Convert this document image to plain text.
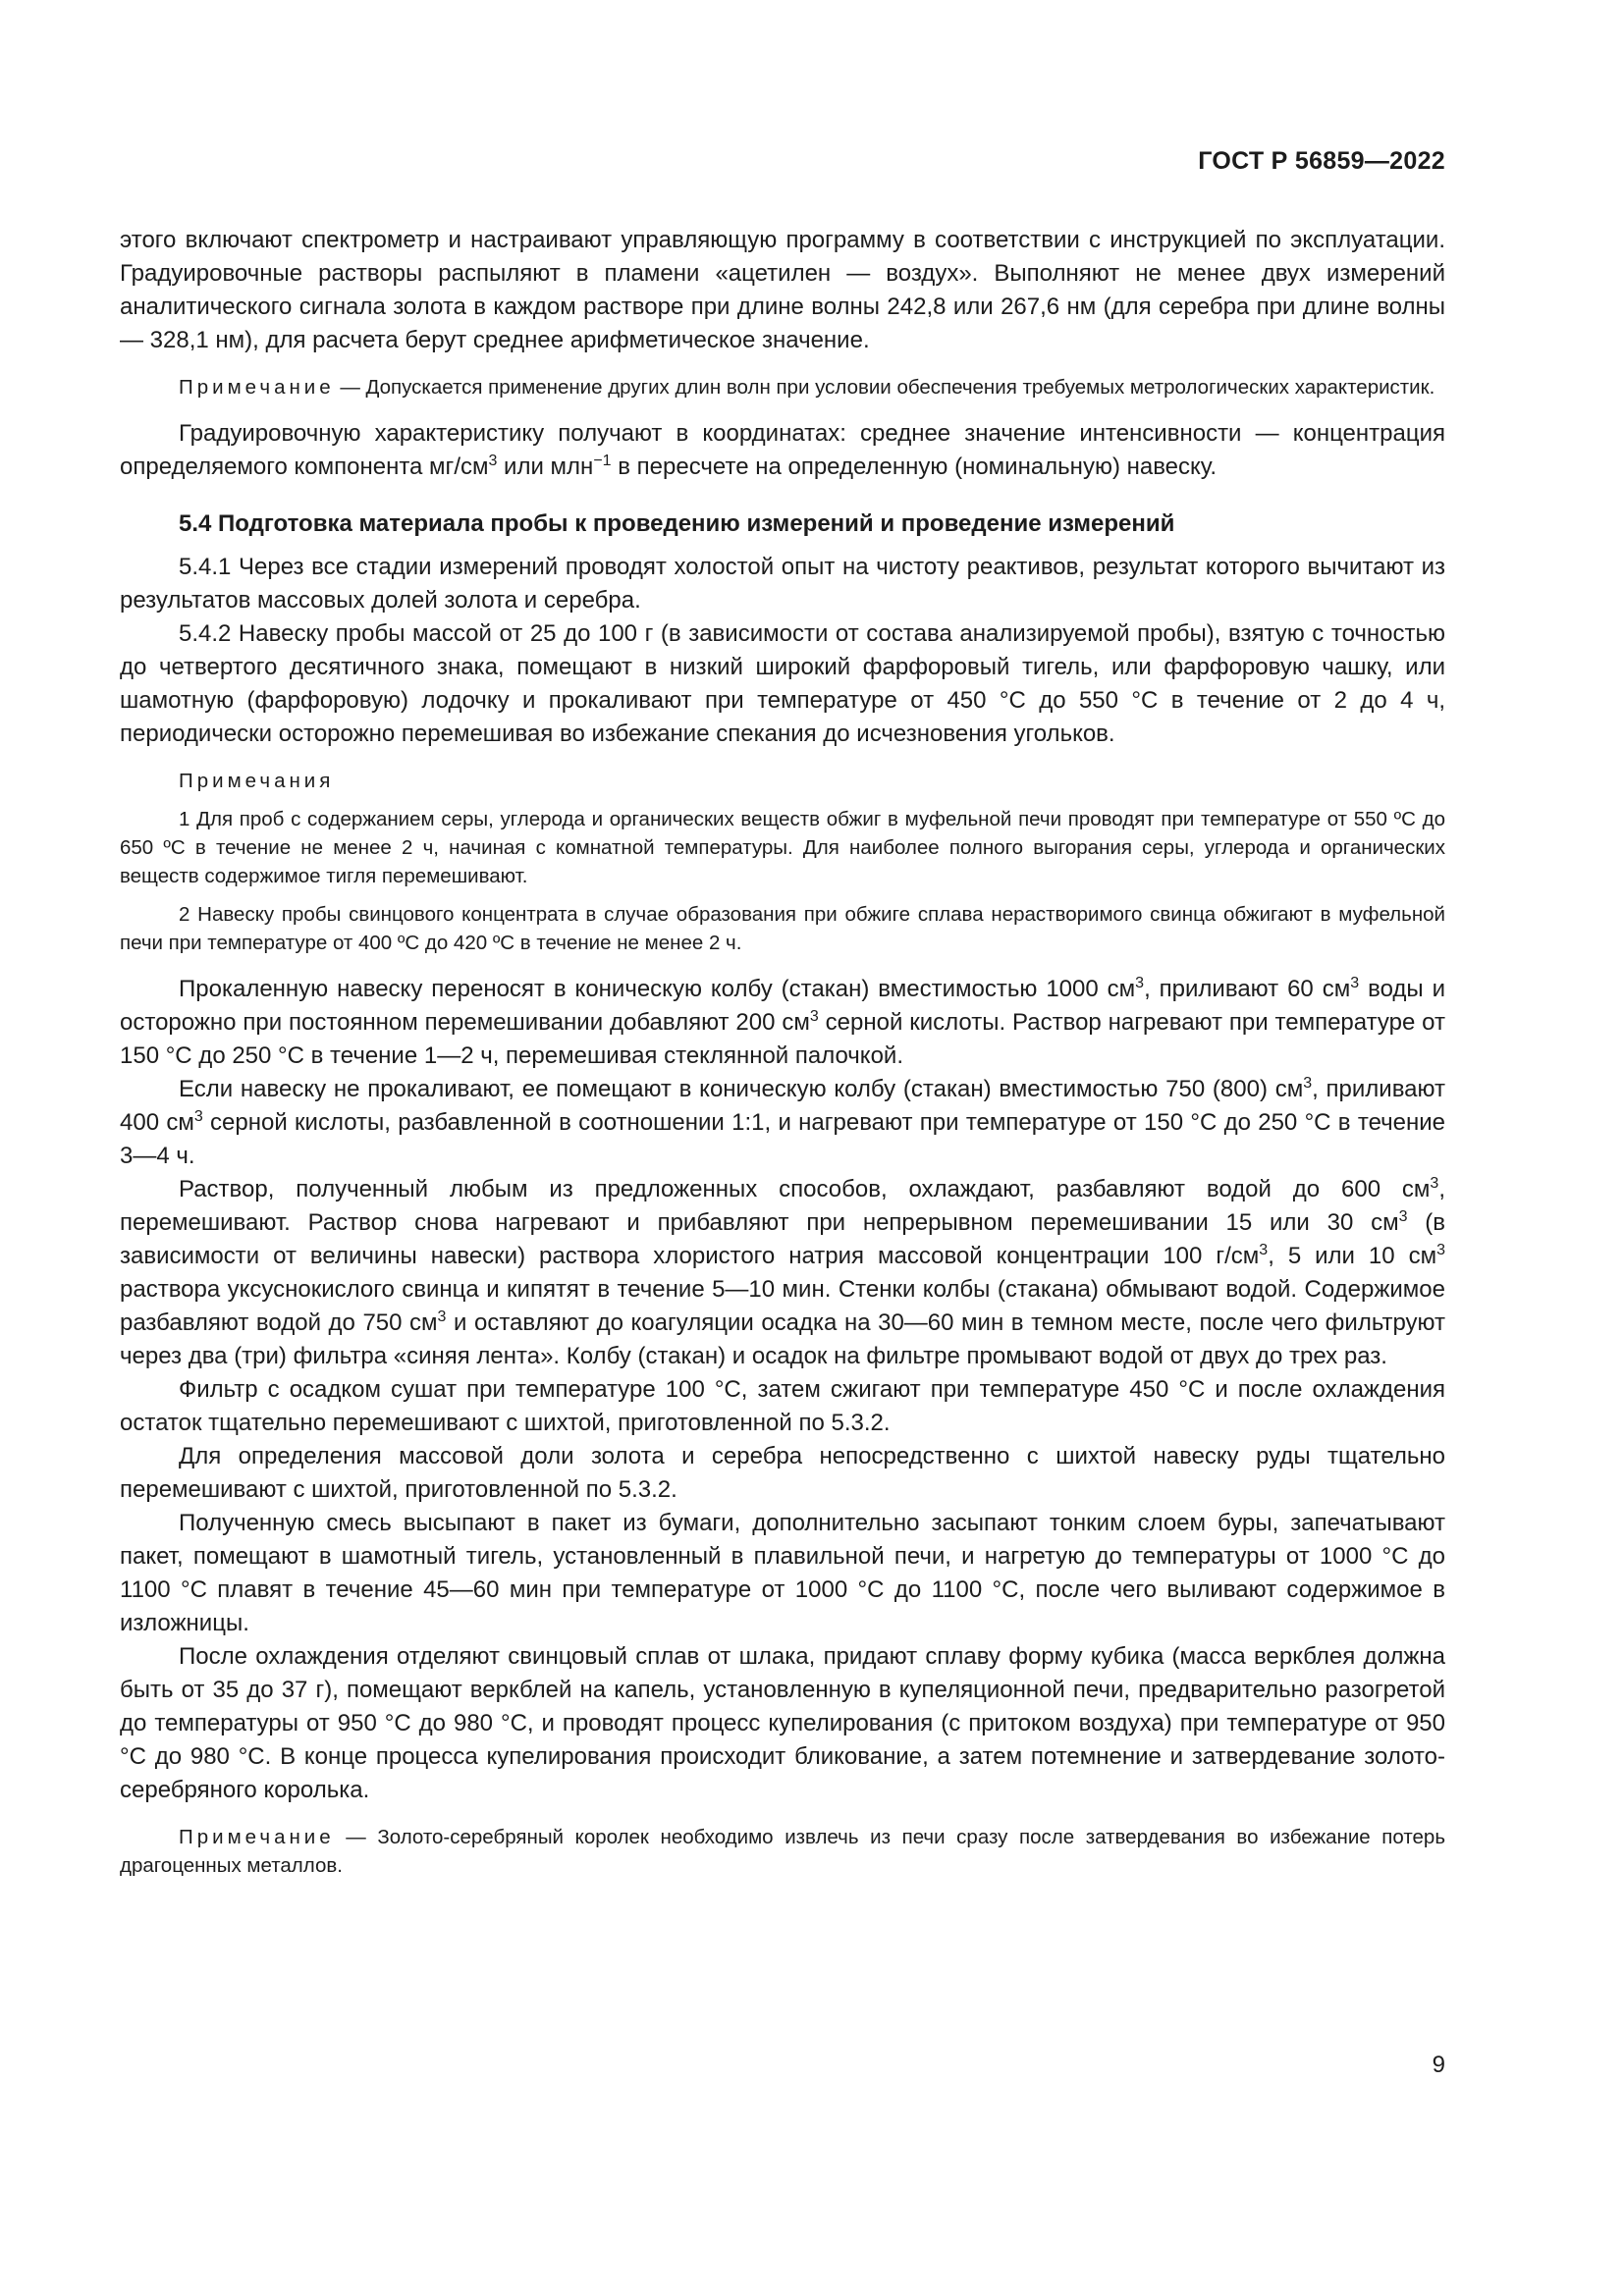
ГОСТ Р 56859—2022

этого включают спектрометр и настраивают управляющую программу в соответствии с инструкцией по эксплуатации. Градуировочные растворы распыляют в пламени «ацетилен — воздух». Выполняют не менее двух измерений аналитического сигнала золота в каждом растворе при длине волны 242,8 или 267,6 нм (для серебра при длине волны — 328,1 нм), для расчета берут среднее арифметическое значение.

Примечание — Допускается применение других длин волн при условии обеспечения требуемых метрологических характеристик.

Градуировочную характеристику получают в координатах: среднее значение интенсивности — концентрация определяемого компонента $мг/см^3$ или млн$^{-1}$ в пересчете на определенную (номинальную) навеску.

5.4 Подготовка материала пробы к проведению измерений и проведение измерений

5.4.1 Через все стадии измерений проводят холостой опыт на чистоту реактивов, результат которого вычитают из результатов массовых долей золота и серебра.

5.4.2 Навеску пробы массой от 25 до 100 г (в зависимости от состава анализируемой пробы), взятую с точностью до четвертого десятичного знака, помещают в низкий широкий фарфоровый тигель, или фарфоровую чашку, или шамотную (фарфоровую) лодочку и прокаливают при температуре от 450 °C до 550 °C в течение от 2 до 4 ч, периодически осторожно перемешивая во избежание спекания до исчезновения угольков.

Примечания

1 Для проб с содержанием серы, углерода и органических веществ обжиг в муфельной печи проводят при температуре от 550 ºC до 650 ºC в течение не менее 2 ч, начиная с комнатной температуры. Для наиболее полного выгорания серы, углерода и органических веществ содержимое тигля перемешивают.

2 Навеску пробы свинцового концентрата в случае образования при обжиге сплава нерастворимого свинца обжигают в муфельной печи при температуре от 400 ºC до 420 ºC в течение не менее 2 ч.

Прокаленную навеску переносят в коническую колбу (стакан) вместимостью 1000 $см^3$, приливают 60 $см^3$ воды и осторожно при постоянном перемешивании добавляют 200 $см^3$ серной кислоты. Раствор нагревают при температуре от 150 °C до 250 °C в течение 1—2 ч, перемешивая стеклянной палочкой.

Если навеску не прокаливают, ее помещают в коническую колбу (стакан) вместимостью 750 (800) $см^3$, приливают 400 $см^3$ серной кислоты, разбавленной в соотношении 1:1, и нагревают при температуре от 150 °C до 250 °C в течение 3—4 ч.

Раствор, полученный любым из предложенных способов, охлаждают, разбавляют водой до 600 $см^3$, перемешивают. Раствор снова нагревают и прибавляют при непрерывном перемешивании 15 или 30 $см^3$ (в зависимости от величины навески) раствора хлористого натрия массовой концентрации 100 $г/см^3$, 5 или 10 $см^3$ раствора уксуснокислого свинца и кипятят в течение 5—10 мин. Стенки колбы (стакана) обмывают водой. Содержимое разбавляют водой до 750 $см^3$ и оставляют до коагуляции осадка на 30—60 мин в темном месте, после чего фильтруют через два (три) фильтра «синяя лента». Колбу (стакан) и осадок на фильтре промывают водой от двух до трех раз.

Фильтр с осадком сушат при температуре 100 °C, затем сжигают при температуре 450 °C и после охлаждения остаток тщательно перемешивают с шихтой, приготовленной по 5.3.2.

Для определения массовой доли золота и серебра непосредственно с шихтой навеску руды тщательно перемешивают с шихтой, приготовленной по 5.3.2.

Полученную смесь высыпают в пакет из бумаги, дополнительно засыпают тонким слоем буры, запечатывают пакет, помещают в шамотный тигель, установленный в плавильной печи, и нагретую до температуры от 1000 °C до 1100 °C плавят в течение 45—60 мин при температуре от 1000 °C до 1100 °C, после чего выливают содержимое в изложницы.

После охлаждения отделяют свинцовый сплав от шлака, придают сплаву форму кубика (масса веркблея должна быть от 35 до 37 г), помещают веркблей на капель, установленную в купеляционной печи, предварительно разогретой до температуры от 950 °C до 980 °C, и проводят процесс купелирования (с притоком воздуха) при температуре от 950 °C до 980 °C. В конце процесса купелирования происходит бликование, а затем потемнение и затвердевание золото-серебряного королька.

Примечание — Золото-серебряный королек необходимо извлечь из печи сразу после затвердевания во избежание потерь драгоценных металлов.

9
